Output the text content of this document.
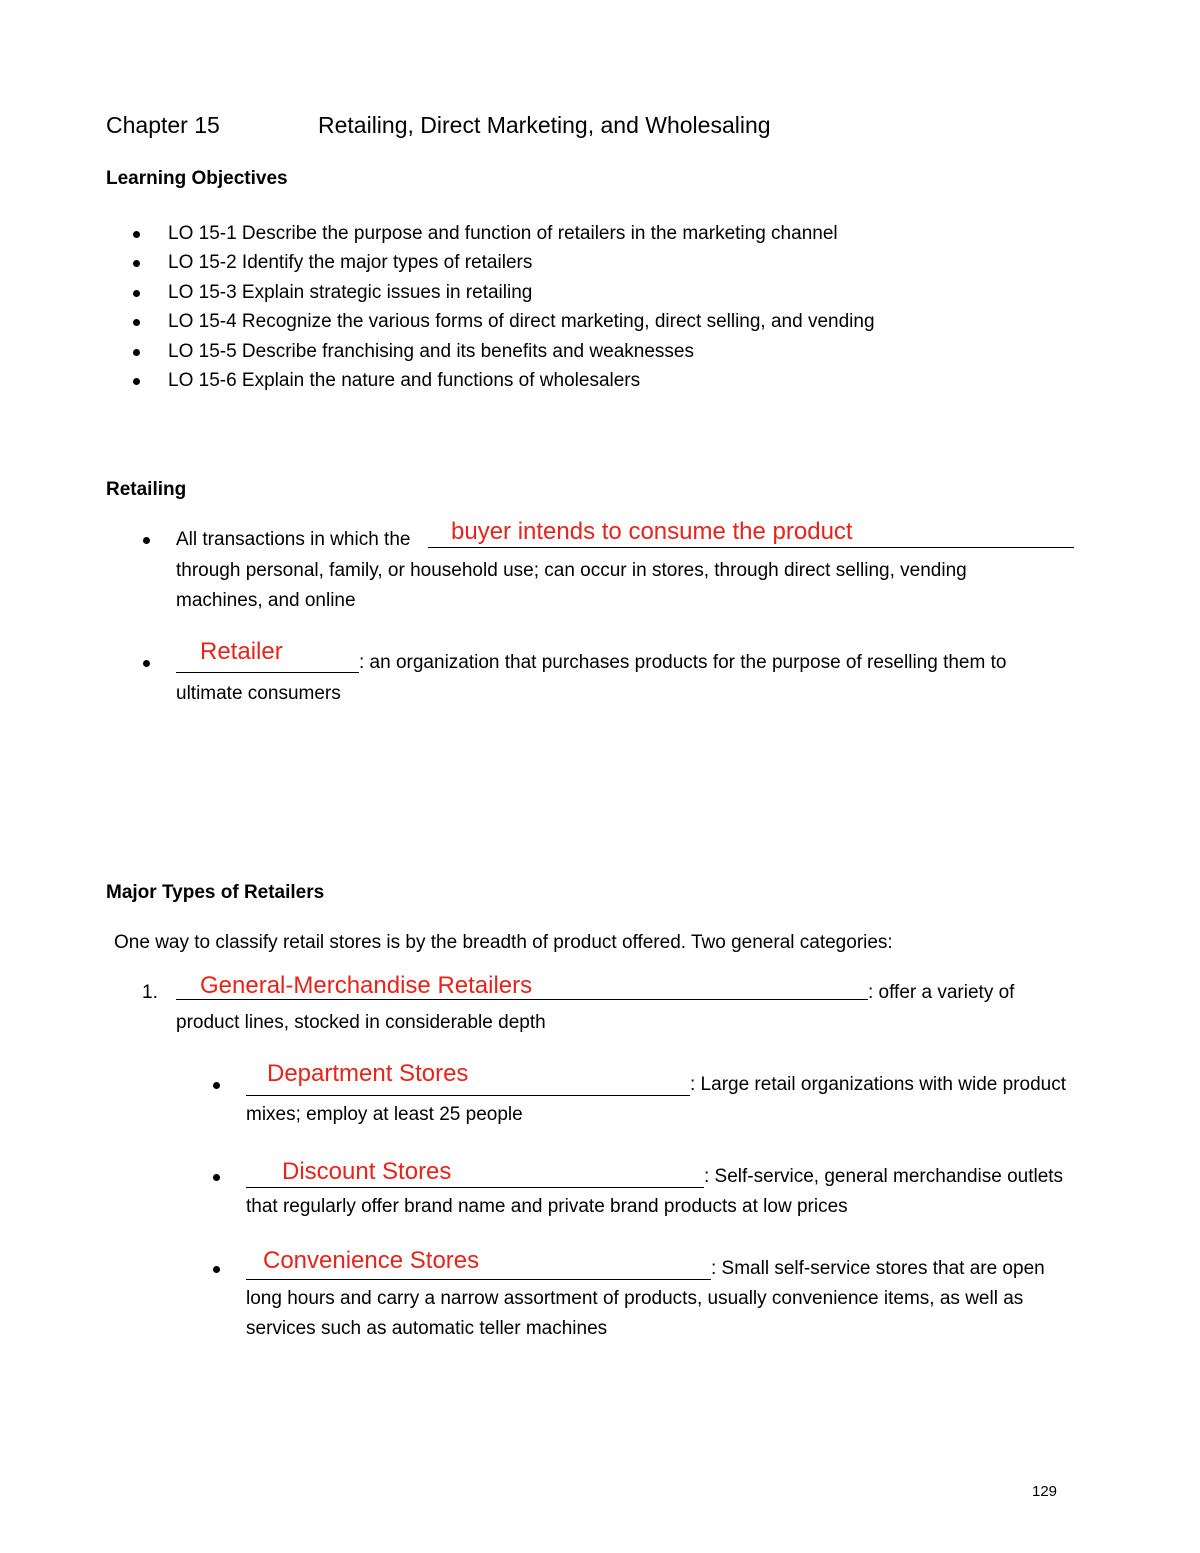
Chapter 15	Retailing, Direct Marketing, and Wholesaling
Learning Objectives
LO 15-1 Describe the purpose and function of retailers in the marketing channel
LO 15-2 Identify the major types of retailers
LO 15-3 Explain strategic issues in retailing
LO 15-4 Recognize the various forms of direct marketing, direct selling, and vending
LO 15-5 Describe franchising and its benefits and weaknesses
LO 15-6 Explain the nature and functions of wholesalers
Retailing
All transactions in which the buyer intends to consume the product
through personal, family, or household use; can occur in stores, through direct selling, vending
machines, and online
Retailer	: an organization that purchases products for the purpose of reselling them to
ultimate consumers
Major Types of Retailers
One way to classify retail stores is by the breadth of product offered. Two general categories:
1. General-Merchandise Retailers	: offer a variety of
product lines, stocked in considerable depth
Department Stores	: Large retail organizations with wide product
mixes; employ at least 25 people
Discount Stores	: Self-service, general merchandise outlets
that regularly offer brand name and private brand products at low prices
Convenience Stores	: Small self-service stores that are open
long hours and carry a narrow assortment of products, usually convenience items, as well as
services such as automatic teller machines
129
